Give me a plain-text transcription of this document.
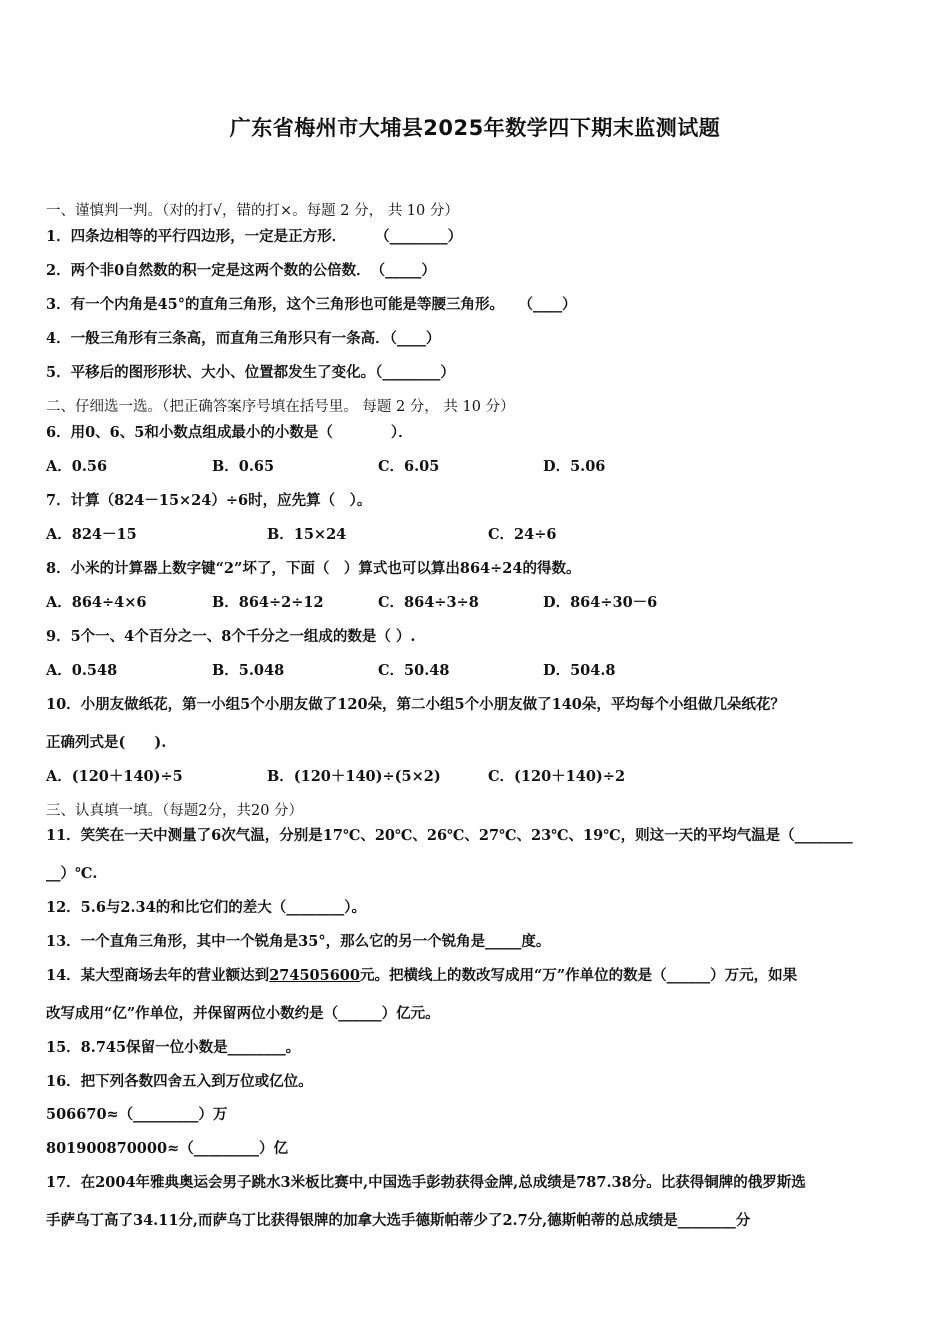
广东省梅州市大埔县2025年数学四下期末监测试题
一、谨慎判一判。（对的打√，错的打×。每题 2 分， 共 10 分）
1．四条边相等的平行四边形，一定是正方形．　　　（________）
2．两个非0自然数的积一定是这两个数的公倍数．　（_____）
3．有一个内角是45°的直角三角形，这个三角形也可能是等腰三角形。　　（____）
4．一般三角形有三条高，而直角三角形只有一条高．（____）
5．平移后的图形形状、大小、位置都发生了变化。（________）
二、仔细选一选。（把正确答案序号填在括号里。 每题 2 分， 共 10 分）
6．用0、6、5和小数点组成最小的小数是（　　　　）．
A．0.56	B．0.65	C．6.05	D．5.06
7．计算（824－15×24）÷6时，应先算（　）。
A．824－15	B．15×24	C．24÷6
8．小米的计算器上数字键“2”坏了，下面（　）算式也可以算出864÷24的得数。
A．864÷4×6	B．864÷2÷12	C．864÷3÷8	D．864÷30－6
9．5个一、4个百分之一、8个千分之一组成的数是（ ）.
A．0.548	B．5.048	C．50.48	D．504.8
10．小朋友做纸花，第一小组5个小朋友做了120朵，第二小组5个小朋友做了140朵，平均每个小组做几朵纸花？
正确列式是(　　).
A．(120＋140)÷5	B．(120＋140)÷(5×2)	C．(120＋140)÷2
三、认真填一填。（每题2分，共20 分）
11．笑笑在一天中测量了6次气温，分别是17℃、20℃、26℃、27℃、23℃、19℃，则这一天的平均气温是（________
__）℃.
12．5.6与2.34的和比它们的差大（________）。
13．一个直角三角形，其中一个锐角是35°，那么它的另一个锐角是_____度。
14．某大型商场去年的营业额达到274505600元。把横线上的数改写成用“万”作单位的数是（______）万元，如果
改写成用“亿”作单位，并保留两位小数约是（______）亿元。
15．8.745保留一位小数是________。
16．把下列各数四舍五入到万位或亿位。
506670≈（_________）万
801900870000≈（_________）亿
17．在2004年雅典奥运会男子跳水3米板比赛中,中国选手彭勃获得金牌,总成绩是787.38分。比获得铜牌的俄罗斯选
手萨乌丁高了34.11分,而萨乌丁比获得银牌的加拿大选手德斯帕蒂少了2.7分,德斯帕蒂的总成绩是________分
